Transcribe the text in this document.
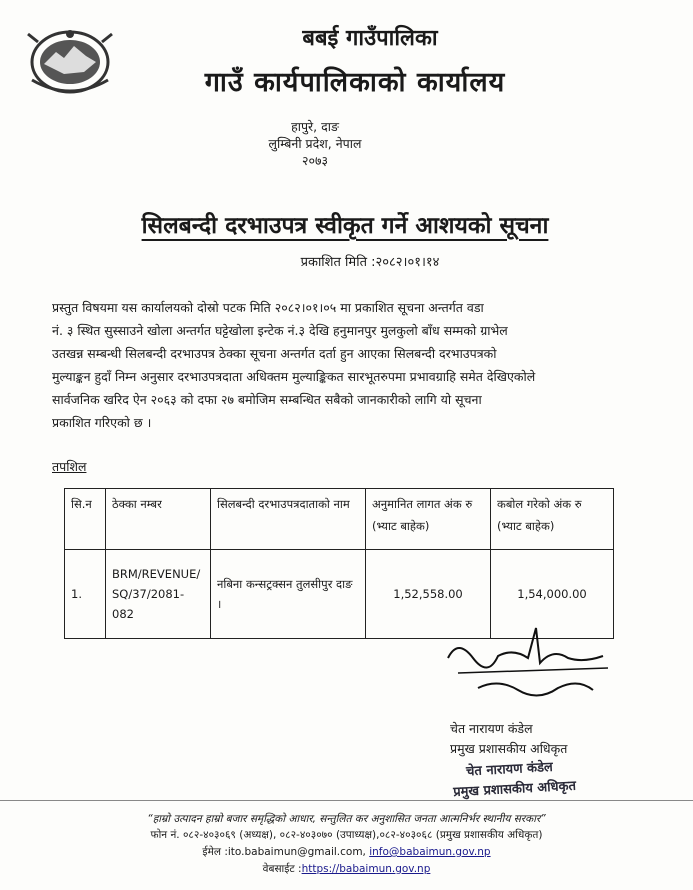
बबई गाउँपालिका
गाउँ कार्यपालिकाको कार्यालय
हापुरे, दाङ
लुम्बिनी प्रदेश, नेपाल
२०७३
सिलबन्दी दरभाउपत्र स्वीकृत गर्ने आशयको सूचना
प्रकाशित मिति :२०८२।०१।१४
प्रस्तुत विषयमा यस कार्यालयको दोस्रो पटक मिति २०८२।०१।०५ मा प्रकाशित सूचना अन्तर्गत वडा
नं. ३ स्थित सुस्साउने खोला अन्तर्गत घट्टेखोला इन्टेक नं.३ देखि हनुमानपुर मुलकुलो बाँध सम्मको ग्राभेल
उतखन्न सम्बन्धी सिलबन्दी दरभाउपत्र ठेक्का सूचना अन्तर्गत दर्ता हुन आएका सिलबन्दी दरभाउपत्रको
मुल्याङ्कन हुदाँ निम्न अनुसार दरभाउपत्रदाता अधिक्तम मुल्याङ्किकत सारभूतरुपमा प्रभावग्राहि समेत देखिएकोले
सार्वजनिक खरिद ऐन २०६३ को दफा २७ बमोजिम सम्बन्धित सबैको जानकारीको लागि यो सूचना
प्रकाशित गरिएको छ ।
तपशिल
सि.न	ठेक्का नम्बर	सिलबन्दी दरभाउपत्रदाताको नाम	अनुमानित लागत अंक रु (भ्याट बाहेक)	कबोल गरेको अंक रु (भ्याट बाहेक)
1.	BRM/REVENUE/ SQ/37/2081-082	नबिना कन्सट्रक्सन तुलसीपुर दाङ ।	1,52,558.00	1,54,000.00
चेत नारायण कंडेल
प्रमुख प्रशासकीय अधिकृत
चेत नारायण कंडेल
प्रमुख प्रशासकीय अधिकृत
“हाम्रो उत्पादन हाम्रो बजार समृद्धिको आधार, सन्तुलित कर अनुशासित जनता आत्मनिर्भर स्थानीय सरकार”
फोन नं. ०८२-४०३०६९ (अध्यक्ष), ०८२-४०३०७० (उपाध्यक्ष),०८२-४०३०६८ (प्रमुख प्रशासकीय अधिकृत)
ईमेल :ito.babaimun@gmail.com, info@babaimun.gov.np
वेबसाईट :https://babaimun.gov.np
